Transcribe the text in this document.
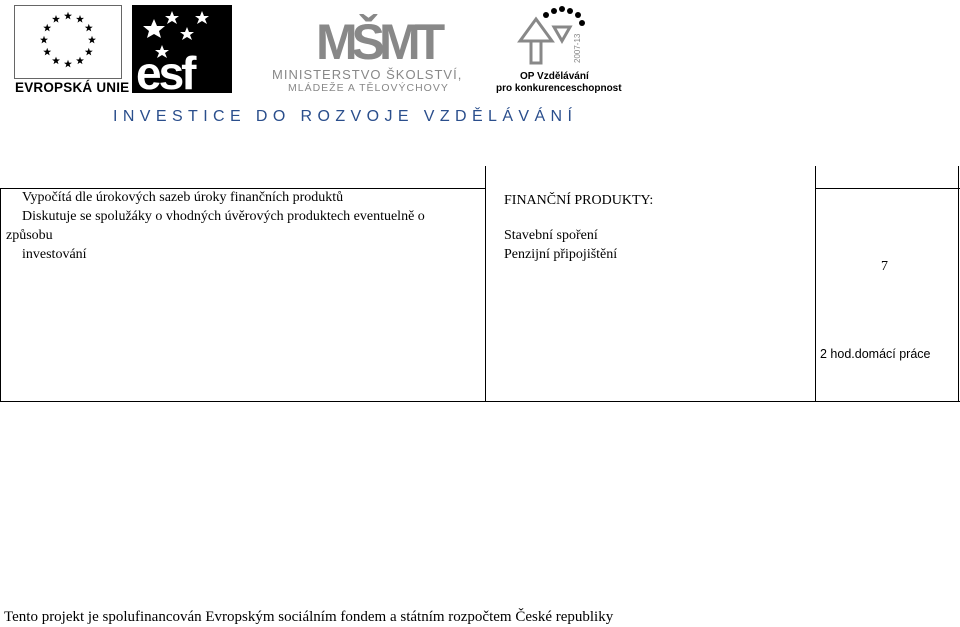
EVROPSKÁ UNIE esf
MŠMT
MINISTERSTVO ŠKOLSTVÍ,
MLÁDEŽE A TĚLOVÝCHOVY
2007-13
OP Vzdělávání
pro konkurenceschopnost
INVESTICE DO ROZVOJE VZDĚLÁVÁNÍ
Vypočítá dle úrokových sazeb úroky finančních produktů
Diskutuje se spolužáky o vhodných úvěrových produktech eventuelně o
způsobu
investování
FINANČNÍ PRODUKTY:
Stavební spoření
Penzijní připojištění
7
2 hod.domácí práce
Tento projekt je spolufinancován Evropským sociálním fondem a státním rozpočtem České republiky
